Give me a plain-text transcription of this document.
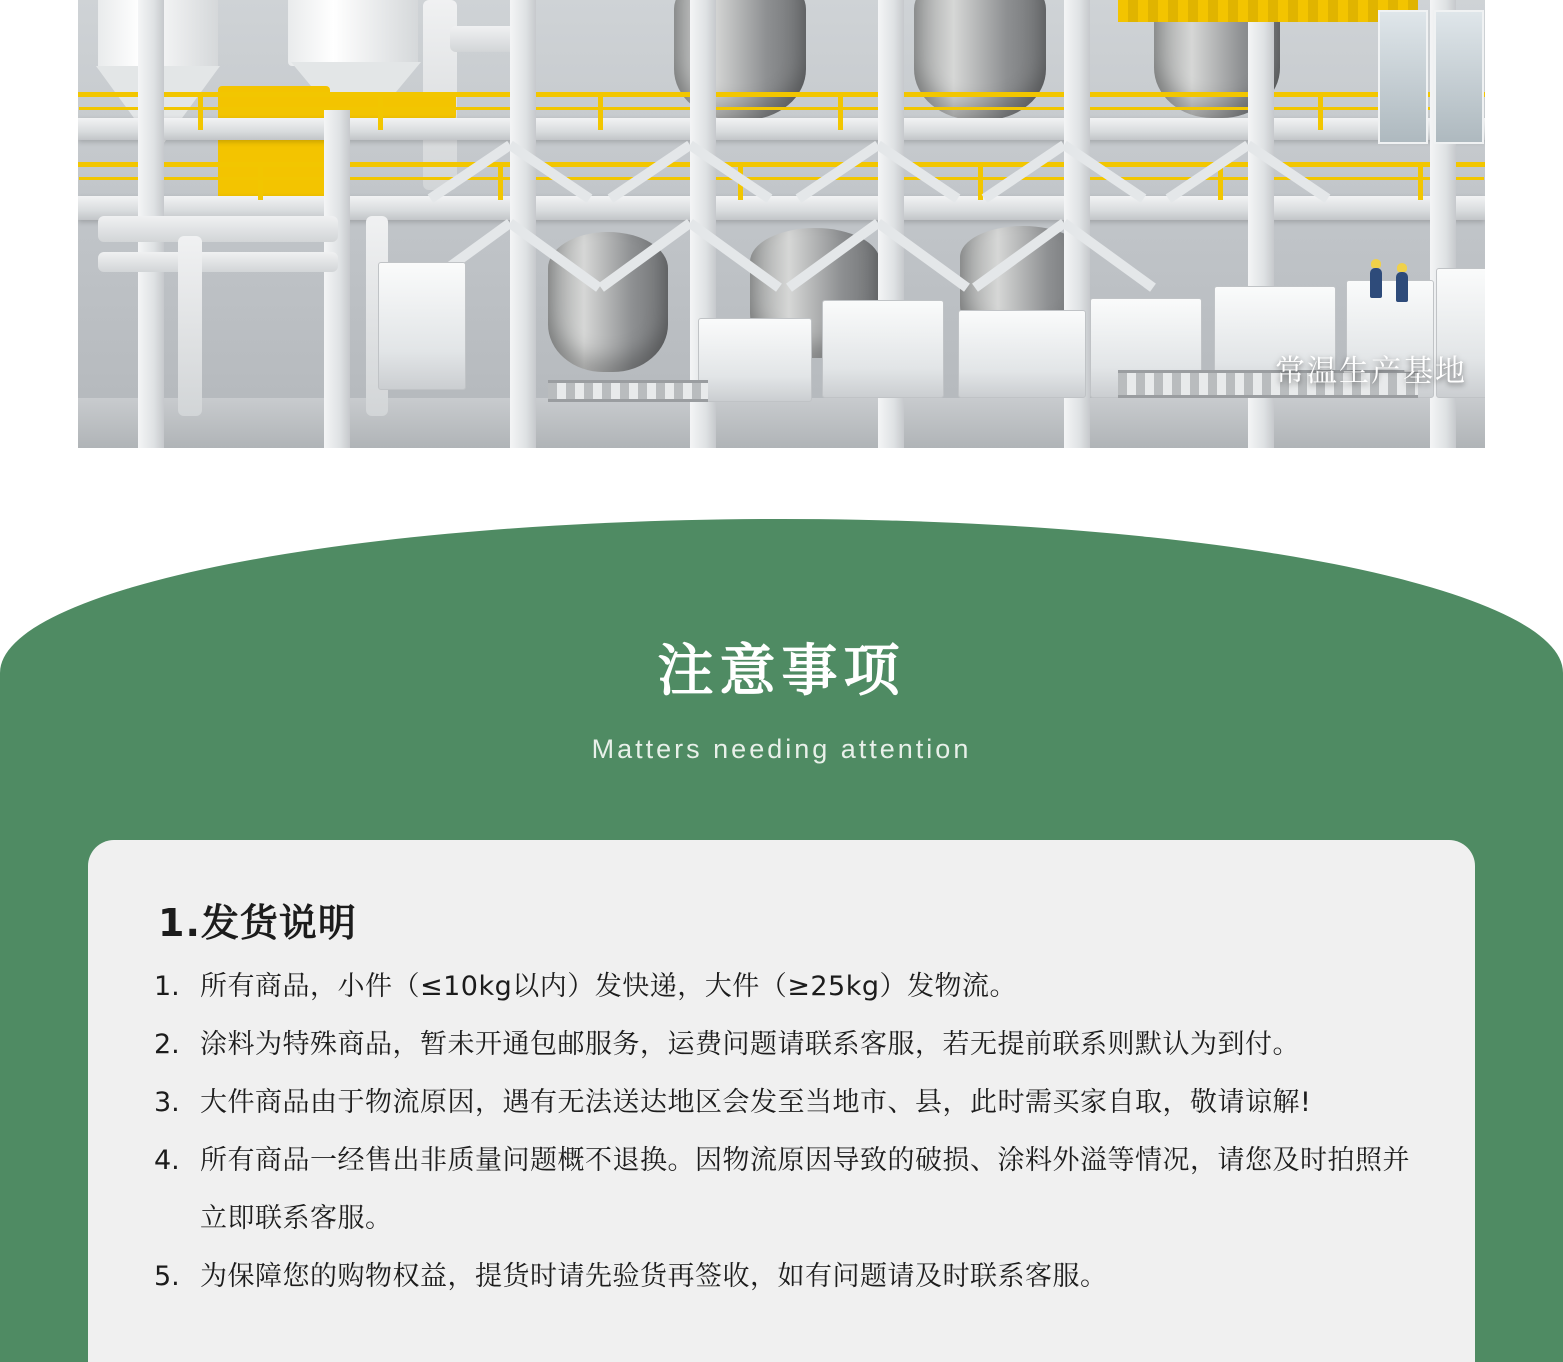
常温生产基地
注意事项
Matters needing attention
1.发货说明
1. 所有商品，小件（≤10kg以内）发快递，大件（≥25kg）发物流。
2. 涂料为特殊商品，暂未开通包邮服务，运费问题请联系客服，若无提前联系则默认为到付。
3. 大件商品由于物流原因，遇有无法送达地区会发至当地市、县，此时需买家自取，敬请谅解!
4. 所有商品一经售出非质量问题概不退换。因物流原因导致的破损、涂料外溢等情况，请您及时拍照并立即联系客服。
5. 为保障您的购物权益，提货时请先验货再签收，如有问题请及时联系客服。
